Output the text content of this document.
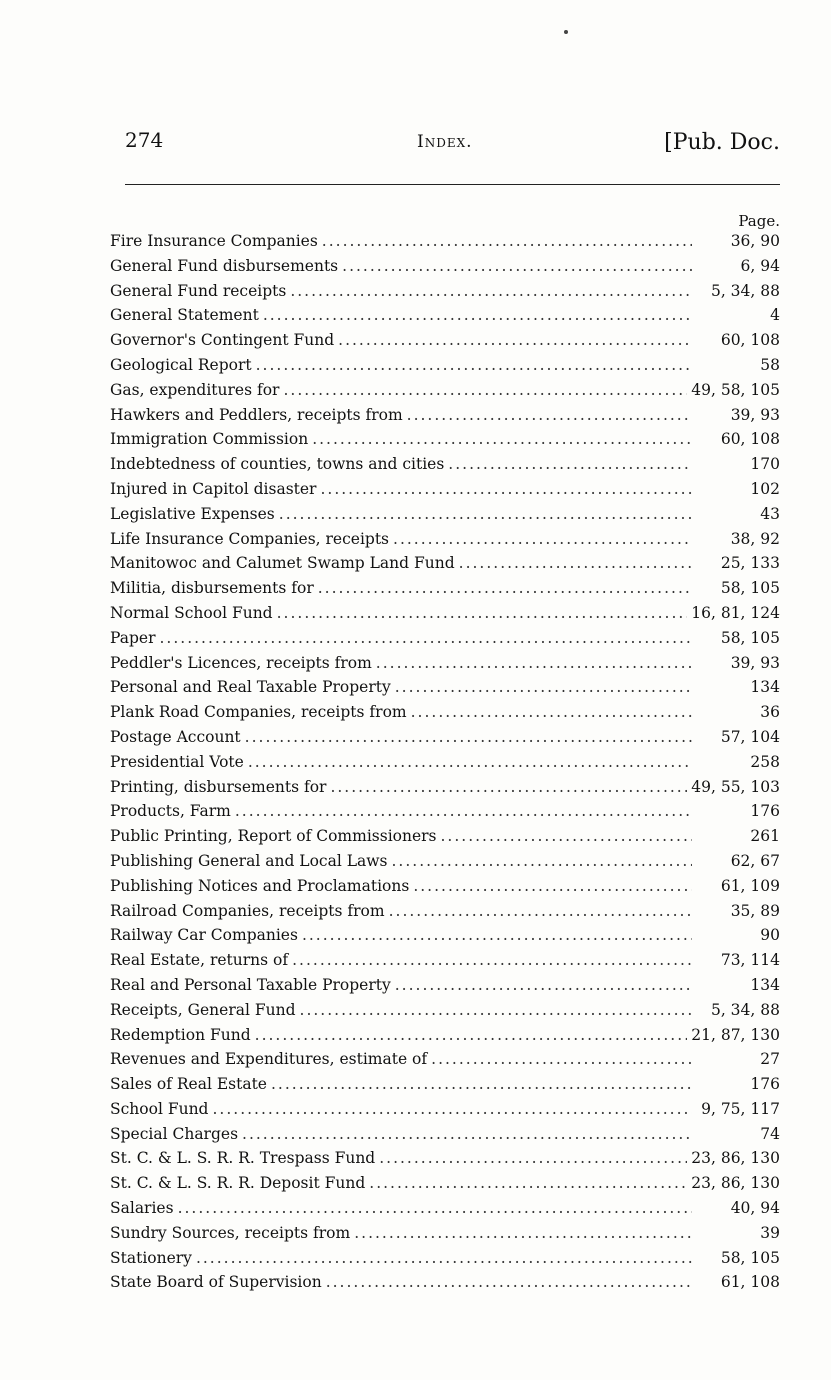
274	Index.	[Pub. Doc.
Page.
Fire Insurance Companies .....	36, 90
General Fund disbursements .....	6, 94
General Fund receipts .....	5, 34, 88
General Statement .....	4
Governor's Contingent Fund .....	60, 108
Geological Report .....	58
Gas, expenditures for .....	49, 58, 105
Hawkers and Peddlers, receipts from .....	39, 93
Immigration Commission .....	60, 108
Indebtedness of counties, towns and cities .....	170
Injured in Capitol disaster .....	102
Legislative Expenses .....	43
Life Insurance Companies, receipts .....	38, 92
Manitowoc and Calumet Swamp Land Fund .....	25, 133
Militia, disbursements for .....	58, 105
Normal School Fund .....	16, 81, 124
Paper .....	58, 105
Peddler's Licences, receipts from .....	39, 93
Personal and Real Taxable Property .....	134
Plank Road Companies, receipts from .....	36
Postage Account .....	57, 104
Presidential Vote .....	258
Printing, disbursements for .....	49, 55, 103
Products, Farm .....	176
Public Printing, Report of Commissioners .....	261
Publishing General and Local Laws .....	62, 67
Publishing Notices and Proclamations .....	61, 109
Railroad Companies, receipts from .....	35, 89
Railway Car Companies .....	90
Real Estate, returns of .....	73, 114
Real and Personal Taxable Property .....	134
Receipts, General Fund .....	5, 34, 88
Redemption Fund .....	21, 87, 130
Revenues and Expenditures, estimate of .....	27
Sales of Real Estate .....	176
School Fund .....	9, 75, 117
Special Charges .....	74
St. C. & L. S. R. R. Trespass Fund .....	23, 86, 130
St. C. & L. S. R. R. Deposit Fund .....	23, 86, 130
Salaries .....	40, 94
Sundry Sources, receipts from .....	39
Stationery .....	58, 105
State Board of Supervision .....	61, 108
